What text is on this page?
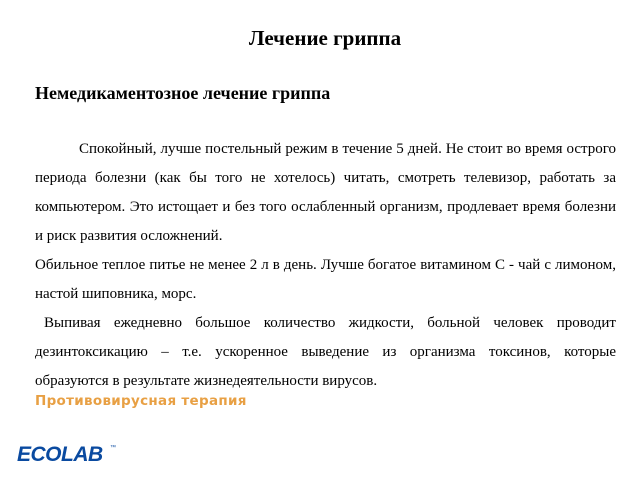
Лечение гриппа
Немедикаментозное лечение гриппа

Спокойный, лучше постельный режим в течение 5 дней. Не стоит во время острого периода болезни (как бы того не хотелось) читать, смотреть телевизор, работать за компьютером. Это истощает и без того ослабленный организм, продлевает время болезни и риск развития осложнений.

Обильное теплое питье не менее 2 л в день. Лучше богатое витамином С - чай с лимоном, настой шиповника, морс.

Выпивая ежедневно большое количество жидкости, больной человек проводит дезинтоксикацию – т.е. ускоренное выведение из организма токсинов, которые образуются в результате жизнедеятельности вирусов.

Противовирусная терапия
ECOLAB ™
